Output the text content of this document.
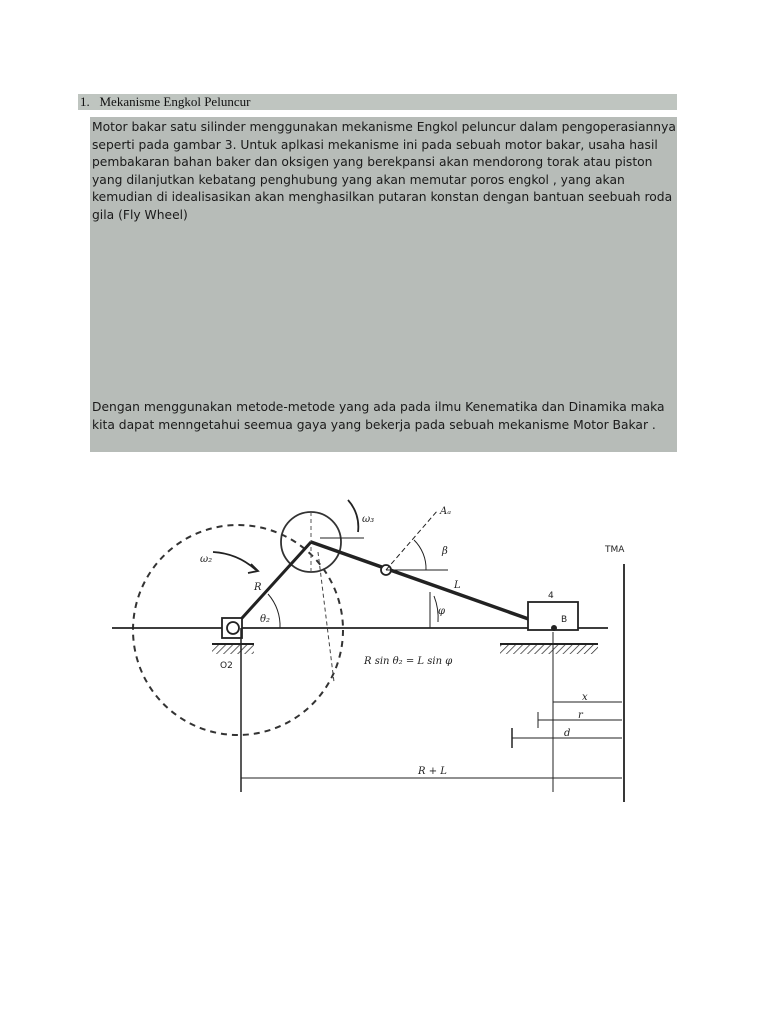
1. Mekanisme Engkol Peluncur
Motor bakar satu silinder menggunakan mekanisme Engkol peluncur dalam pengoperasiannya seperti pada gambar 3. Untuk aplkasi mekanisme ini pada sebuah motor bakar, usaha hasil pembakaran bahan baker dan oksigen yang berekpansi akan mendorong torak atau piston yang dilanjutkan kebatang penghubung yang akan memutar poros engkol , yang akan kemudian di idealisasikan akan menghasilkan putaran konstan dengan bantuan seebuah roda gila (Fly Wheel)
Dengan menggunakan metode-metode yang ada pada ilmu Kenematika dan Dinamika maka kita dapat menngetahui seemua gaya yang bekerja pada sebuah mekanisme Motor Bakar .
TMA
ω₂
ω₃
R
θ₂
β
φ
L
B
4
O2
Aₐ
R sin θ₂ = L sin φ
x
r
d
R + L
